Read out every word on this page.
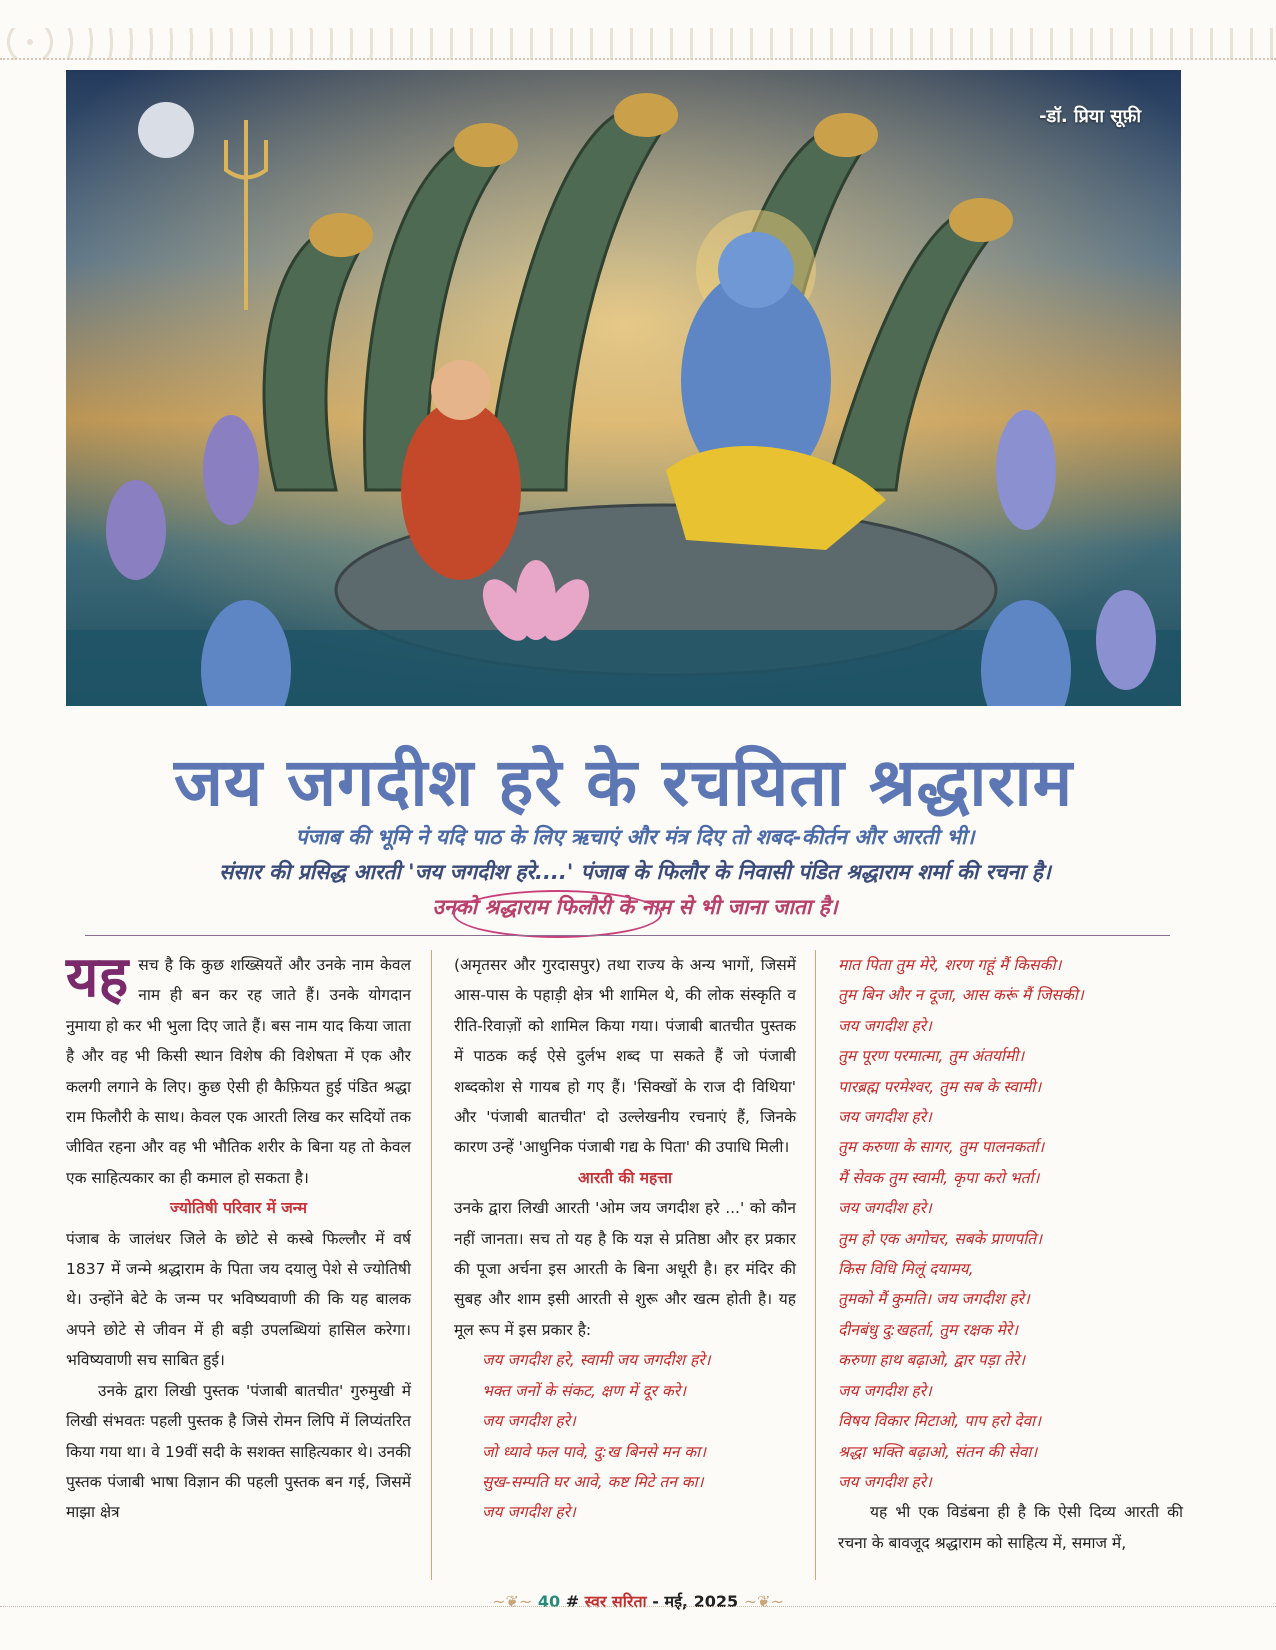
-डॉ. प्रिया सूफ़ी
जय जगदीश हरे के रचयिता श्रद्धाराम
पंजाब की भूमि ने यदि पाठ के लिए ऋचाएं और मंत्र दिए तो शबद-कीर्तन और आरती भी।
संसार की प्रसिद्ध आरती 'जय जगदीश हरे....' पंजाब के फिलौर के निवासी पंडित श्रद्धाराम शर्मा की रचना है।
उनको श्रद्धाराम फिलौरी के नाम से भी जाना जाता है।

यह सच है कि कुछ शख्सियतें और उनके नाम केवल नाम ही बन कर रह जाते हैं। उनके योगदान नुमाया हो कर भी भुला दिए जाते हैं। बस नाम याद किया जाता है और वह भी किसी स्थान विशेष की विशेषता में एक और कलगी लगाने के लिए। कुछ ऐसी ही कैफ़ियत हुई पंडित श्रद्धा राम फिलौरी के साथ। केवल एक आरती लिख कर सदियों तक जीवित रहना और वह भी भौतिक शरीर के बिना यह तो केवल एक साहित्यकार का ही कमाल हो सकता है।

ज्योतिषी परिवार में जन्म

पंजाब के जालंधर जिले के छोटे से कस्बे फिल्लौर में वर्ष 1837 में जन्मे श्रद्धाराम के पिता जय दयालु पेशे से ज्योतिषी थे। उन्होंने बेटे के जन्म पर भविष्यवाणी की कि यह बालक अपने छोटे से जीवन में ही बड़ी उपलब्धियां हासिल करेगा। भविष्यवाणी सच साबित हुई।

उनके द्वारा लिखी पुस्तक 'पंजाबी बातचीत' गुरुमुखी में लिखी संभवतः पहली पुस्तक है जिसे रोमन लिपि में लिप्यंतरित किया गया था। वे 19वीं सदी के सशक्त साहित्यकार थे। उनकी पुस्तक पंजाबी भाषा विज्ञान की पहली पुस्तक बन गई, जिसमें माझा क्षेत्र

(अमृतसर और गुरदासपुर) तथा राज्य के अन्य भागों, जिसमें आस-पास के पहाड़ी क्षेत्र भी शामिल थे, की लोक संस्कृति व रीति-रिवाज़ों को शामिल किया गया। पंजाबी बातचीत पुस्तक में पाठक कई ऐसे दुर्लभ शब्द पा सकते हैं जो पंजाबी शब्दकोश से गायब हो गए हैं। 'सिक्खों के राज दी विथिया' और 'पंजाबी बातचीत' दो उल्लेखनीय रचनाएं हैं, जिनके कारण उन्हें 'आधुनिक पंजाबी गद्य के पिता' की उपाधि मिली।

आरती की महत्ता

उनके द्वारा लिखी आरती 'ओम जय जगदीश हरे ...' को कौन नहीं जानता। सच तो यह है कि यज्ञ से प्रतिष्ठा और हर प्रकार की पूजा अर्चना इस आरती के बिना अधूरी है। हर मंदिर की सुबह और शाम इसी आरती से शुरू और खत्म होती है। यह मूल रूप में इस प्रकार है:

जय जगदीश हरे, स्वामी जय जगदीश हरे।
भक्त जनों के संकट, क्षण में दूर करे।
जय जगदीश हरे।
जो ध्यावे फल पावे, दु:ख बिनसे मन का।
सुख-सम्पति घर आवे, कष्ट मिटे तन का।
जय जगदीश हरे।
मात पिता तुम मेरे, शरण गहूं मैं किसकी।
तुम बिन और न दूजा, आस करूं मैं जिसकी।
जय जगदीश हरे।
तुम पूरण परमात्मा, तुम अंतर्यामी।
पारब्रह्म परमेश्वर, तुम सब के स्वामी।
जय जगदीश हरे।
तुम करुणा के सागर, तुम पालनकर्ता।
मैं सेवक तुम स्वामी, कृपा करो भर्ता।
जय जगदीश हरे।
तुम हो एक अगोचर, सबके प्राणपति।
किस विधि मिलूं दयामय,
तुमको मैं कुमति। जय जगदीश हरे।
दीनबंधु दु:खहर्ता, तुम रक्षक मेरे।
करुणा हाथ बढ़ाओ, द्वार पड़ा तेरे।
जय जगदीश हरे।
विषय विकार मिटाओ, पाप हरो देवा।
श्रद्धा भक्ति बढ़ाओ, संतन की सेवा।
जय जगदीश हरे।

यह भी एक विडंबना ही है कि ऐसी दिव्य आरती की रचना के बावजूद श्रद्धाराम को साहित्य में, समाज में,

~❦~ 40 # स्वर सरिता - मई, 2025 ~❦~
